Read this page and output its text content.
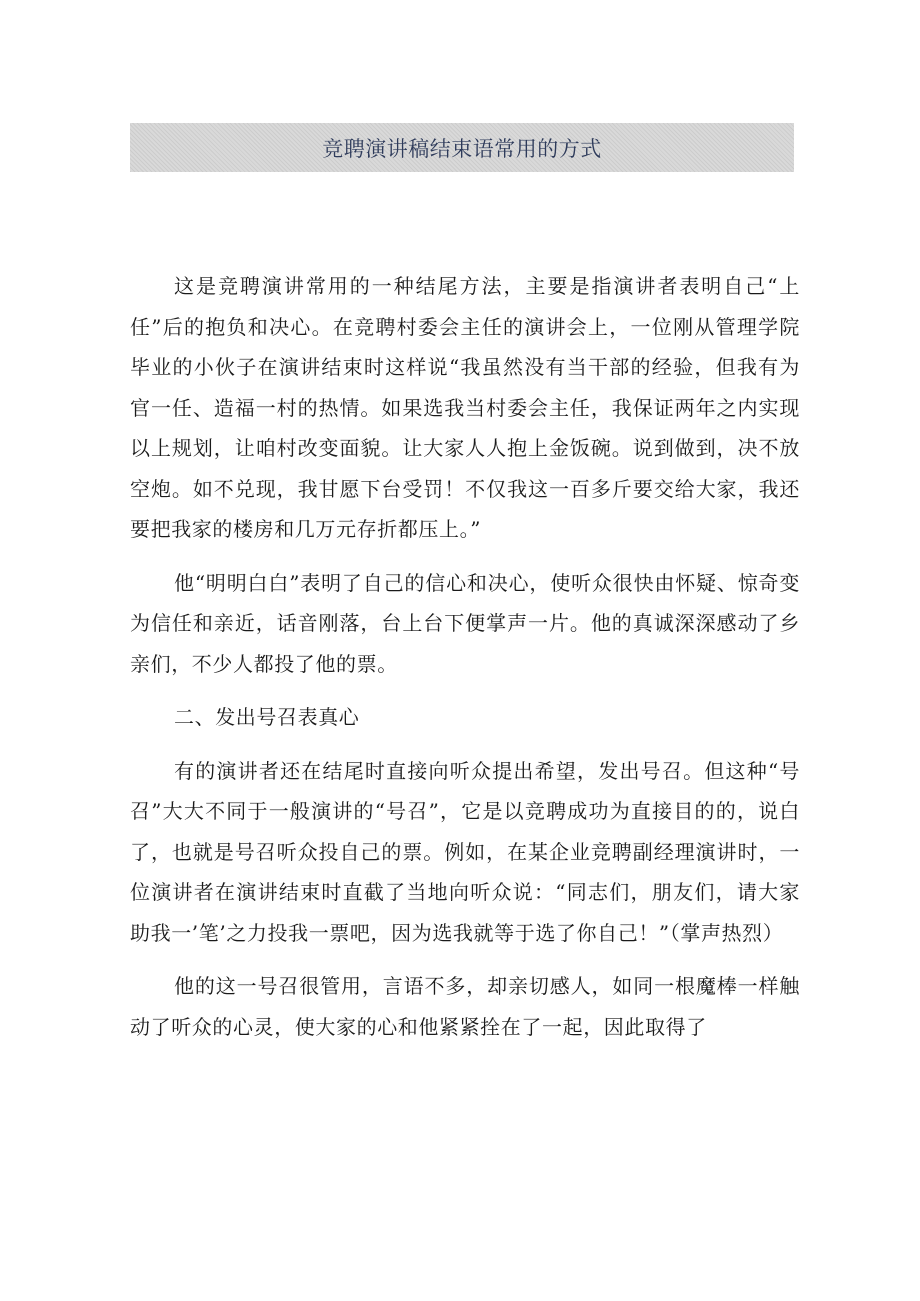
竞聘演讲稿结束语常用的方式

这是竞聘演讲常用的一种结尾方法，主要是指演讲者表明自己“上任”后的抱负和决心。在竞聘村委会主任的演讲会上，一位刚从管理学院毕业的小伙子在演讲结束时这样说“我虽然没有当干部的经验，但我有为官一任、造福一村的热情。如果选我当村委会主任，我保证两年之内实现以上规划，让咱村改变面貌。让大家人人抱上金饭碗。说到做到，决不放空炮。如不兑现，我甘愿下台受罚！不仅我这一百多斤要交给大家，我还要把我家的楼房和几万元存折都压上。”

他“明明白白”表明了自己的信心和决心，使听众很快由怀疑、惊奇变为信任和亲近，话音刚落，台上台下便掌声一片。他的真诚深深感动了乡亲们，不少人都投了他的票。

二、发出号召表真心

有的演讲者还在结尾时直接向听众提出希望，发出号召。但这种“号召”大大不同于一般演讲的“号召”，它是以竞聘成功为直接目的的，说白了，也就是号召听众投自己的票。例如，在某企业竞聘副经理演讲时，一位演讲者在演讲结束时直截了当地向听众说：“同志们，朋友们，请大家助我一’笔’之力投我一票吧，因为选我就等于选了你自己！”（掌声热烈）

他的这一号召很管用，言语不多，却亲切感人，如同一根魔棒一样触动了听众的心灵，使大家的心和他紧紧拴在了一起，因此取得了
